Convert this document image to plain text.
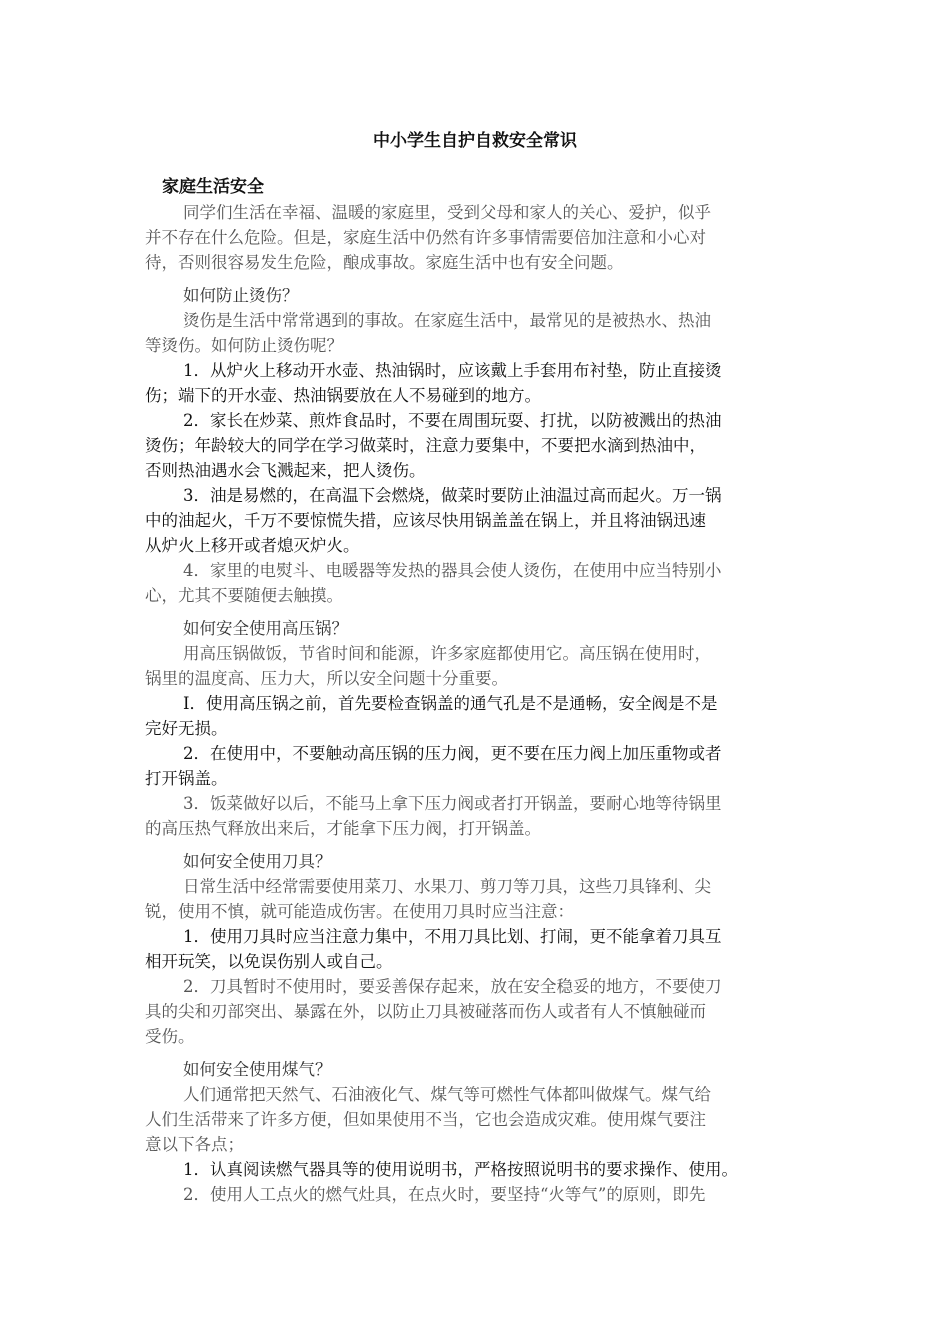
中小学生自护自救安全常识
家庭生活安全
同学们生活在幸福、温暖的家庭里，受到父母和家人的关心、爱护，似乎
并不存在什么危险。但是，家庭生活中仍然有许多事情需要倍加注意和小心对
待，否则很容易发生危险，酿成事故。家庭生活中也有安全问题。
如何防止烫伤？
烫伤是生活中常常遇到的事故。在家庭生活中，最常见的是被热水、热油
等烫伤。如何防止烫伤呢？
1．从炉火上移动开水壶、热油锅时，应该戴上手套用布衬垫，防止直接烫
伤；端下的开水壶、热油锅要放在人不易碰到的地方。
2．家长在炒菜、煎炸食品时，不要在周围玩耍、打扰，以防被溅出的热油
烫伤；年龄较大的同学在学习做菜时，注意力要集中，不要把水滴到热油中，
否则热油遇水会飞溅起来，把人烫伤。
3．油是易燃的，在高温下会燃烧，做菜时要防止油温过高而起火。万一锅
中的油起火，千万不要惊慌失措，应该尽快用锅盖盖在锅上，并且将油锅迅速
从炉火上移开或者熄灭炉火。
4．家里的电熨斗、电暖器等发热的器具会使人烫伤，在使用中应当特别小
心，尤其不要随便去触摸。
如何安全使用高压锅？
用高压锅做饭，节省时间和能源，许多家庭都使用它。高压锅在使用时，
锅里的温度高、压力大，所以安全问题十分重要。
I．使用高压锅之前，首先要检查锅盖的通气孔是不是通畅，安全阀是不是
完好无损。
2．在使用中，不要触动高压锅的压力阀，更不要在压力阀上加压重物或者
打开锅盖。
3．饭菜做好以后，不能马上拿下压力阀或者打开锅盖，要耐心地等待锅里
的高压热气释放出来后，才能拿下压力阀，打开锅盖。
如何安全使用刀具？
日常生活中经常需要使用菜刀、水果刀、剪刀等刀具，这些刀具锋利、尖
锐，使用不慎，就可能造成伤害。在使用刀具时应当注意：
1．使用刀具时应当注意力集中，不用刀具比划、打闹，更不能拿着刀具互
相开玩笑，以免误伤别人或自己。
2．刀具暂时不使用时，要妥善保存起来，放在安全稳妥的地方，不要使刀
具的尖和刃部突出、暴露在外，以防止刀具被碰落而伤人或者有人不慎触碰而
受伤。
如何安全使用煤气？
人们通常把天然气、石油液化气、煤气等可燃性气体都叫做煤气。煤气给
人们生活带来了许多方便，但如果使用不当，它也会造成灾难。使用煤气要注
意以下各点；
1．认真阅读燃气器具等的使用说明书，严格按照说明书的要求操作、使用。
2．使用人工点火的燃气灶具，在点火时，要坚持“火等气”的原则，即先
